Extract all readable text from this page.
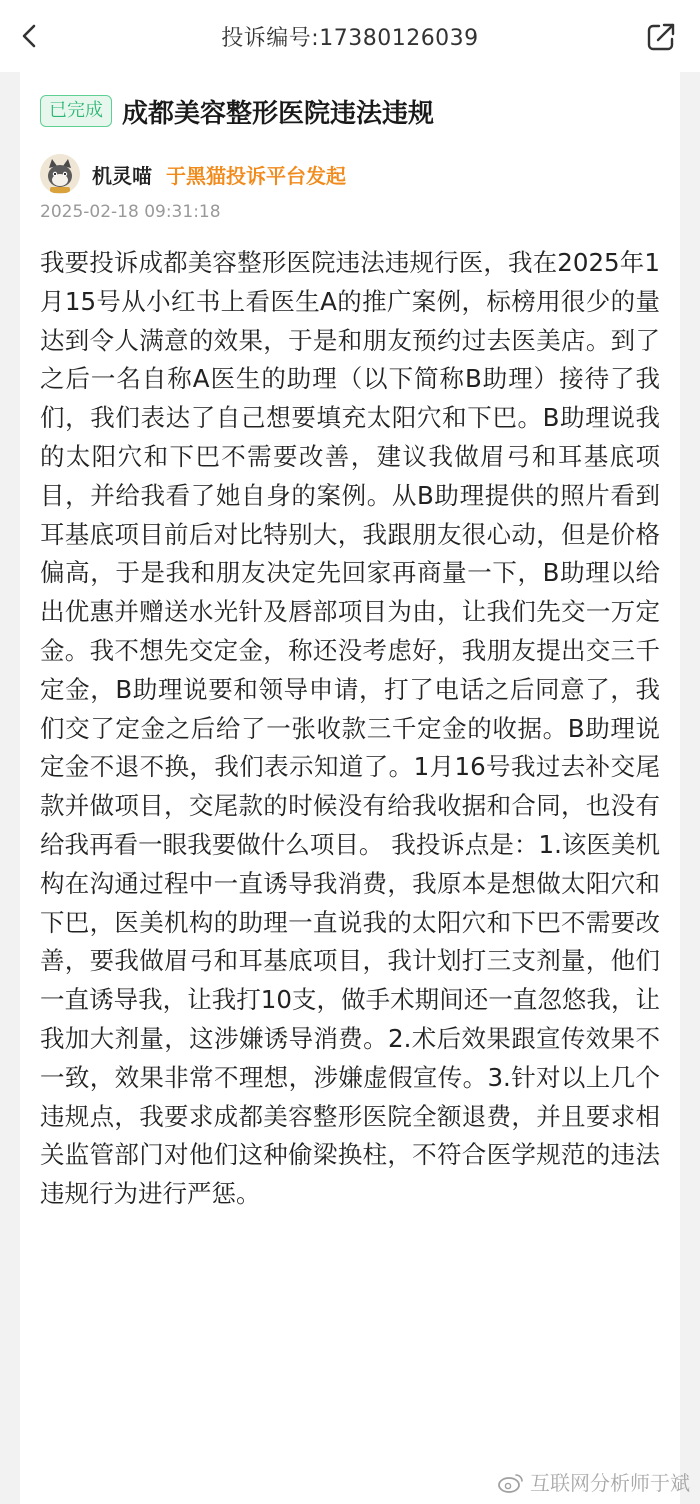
投诉编号:17380126039
已完成 成都美容整形医院违法违规
机灵喵 于黑猫投诉平台发起
2025-02-18 09:31:18
我要投诉成都美容整形医院违法违规行医，我在2025年1月15号从小红书上看医生A的推广案例，标榜用很少的量达到令人满意的效果，于是和朋友预约过去医美店。到了之后一名自称A医生的助理（以下简称B助理）接待了我们，我们表达了自己想要填充太阳穴和下巴。B助理说我的太阳穴和下巴不需要改善，建议我做眉弓和耳基底项目，并给我看了她自身的案例。从B助理提供的照片看到耳基底项目前后对比特别大，我跟朋友很心动，但是价格偏高，于是我和朋友决定先回家再商量一下，B助理以给出优惠并赠送水光针及唇部项目为由，让我们先交一万定金。我不想先交定金，称还没考虑好，我朋友提出交三千定金，B助理说要和领导申请，打了电话之后同意了，我们交了定金之后给了一张收款三千定金的收据。B助理说定金不退不换，我们表示知道了。1月16号我过去补交尾款并做项目，交尾款的时候没有给我收据和合同，也没有给我再看一眼我要做什么项目。 我投诉点是：1.该医美机构在沟通过程中一直诱导我消费，我原本是想做太阳穴和下巴，医美机构的助理一直说我的太阳穴和下巴不需要改善，要我做眉弓和耳基底项目，我计划打三支剂量，他们一直诱导我，让我打10支，做手术期间还一直忽悠我，让我加大剂量，这涉嫌诱导消费。2.术后效果跟宣传效果不一致，效果非常不理想，涉嫌虚假宣传。3.针对以上几个违规点，我要求成都美容整形医院全额退费，并且要求相关监管部门对他们这种偷梁换柱，不符合医学规范的违法违规行为进行严惩。
互联网分析师于斌
